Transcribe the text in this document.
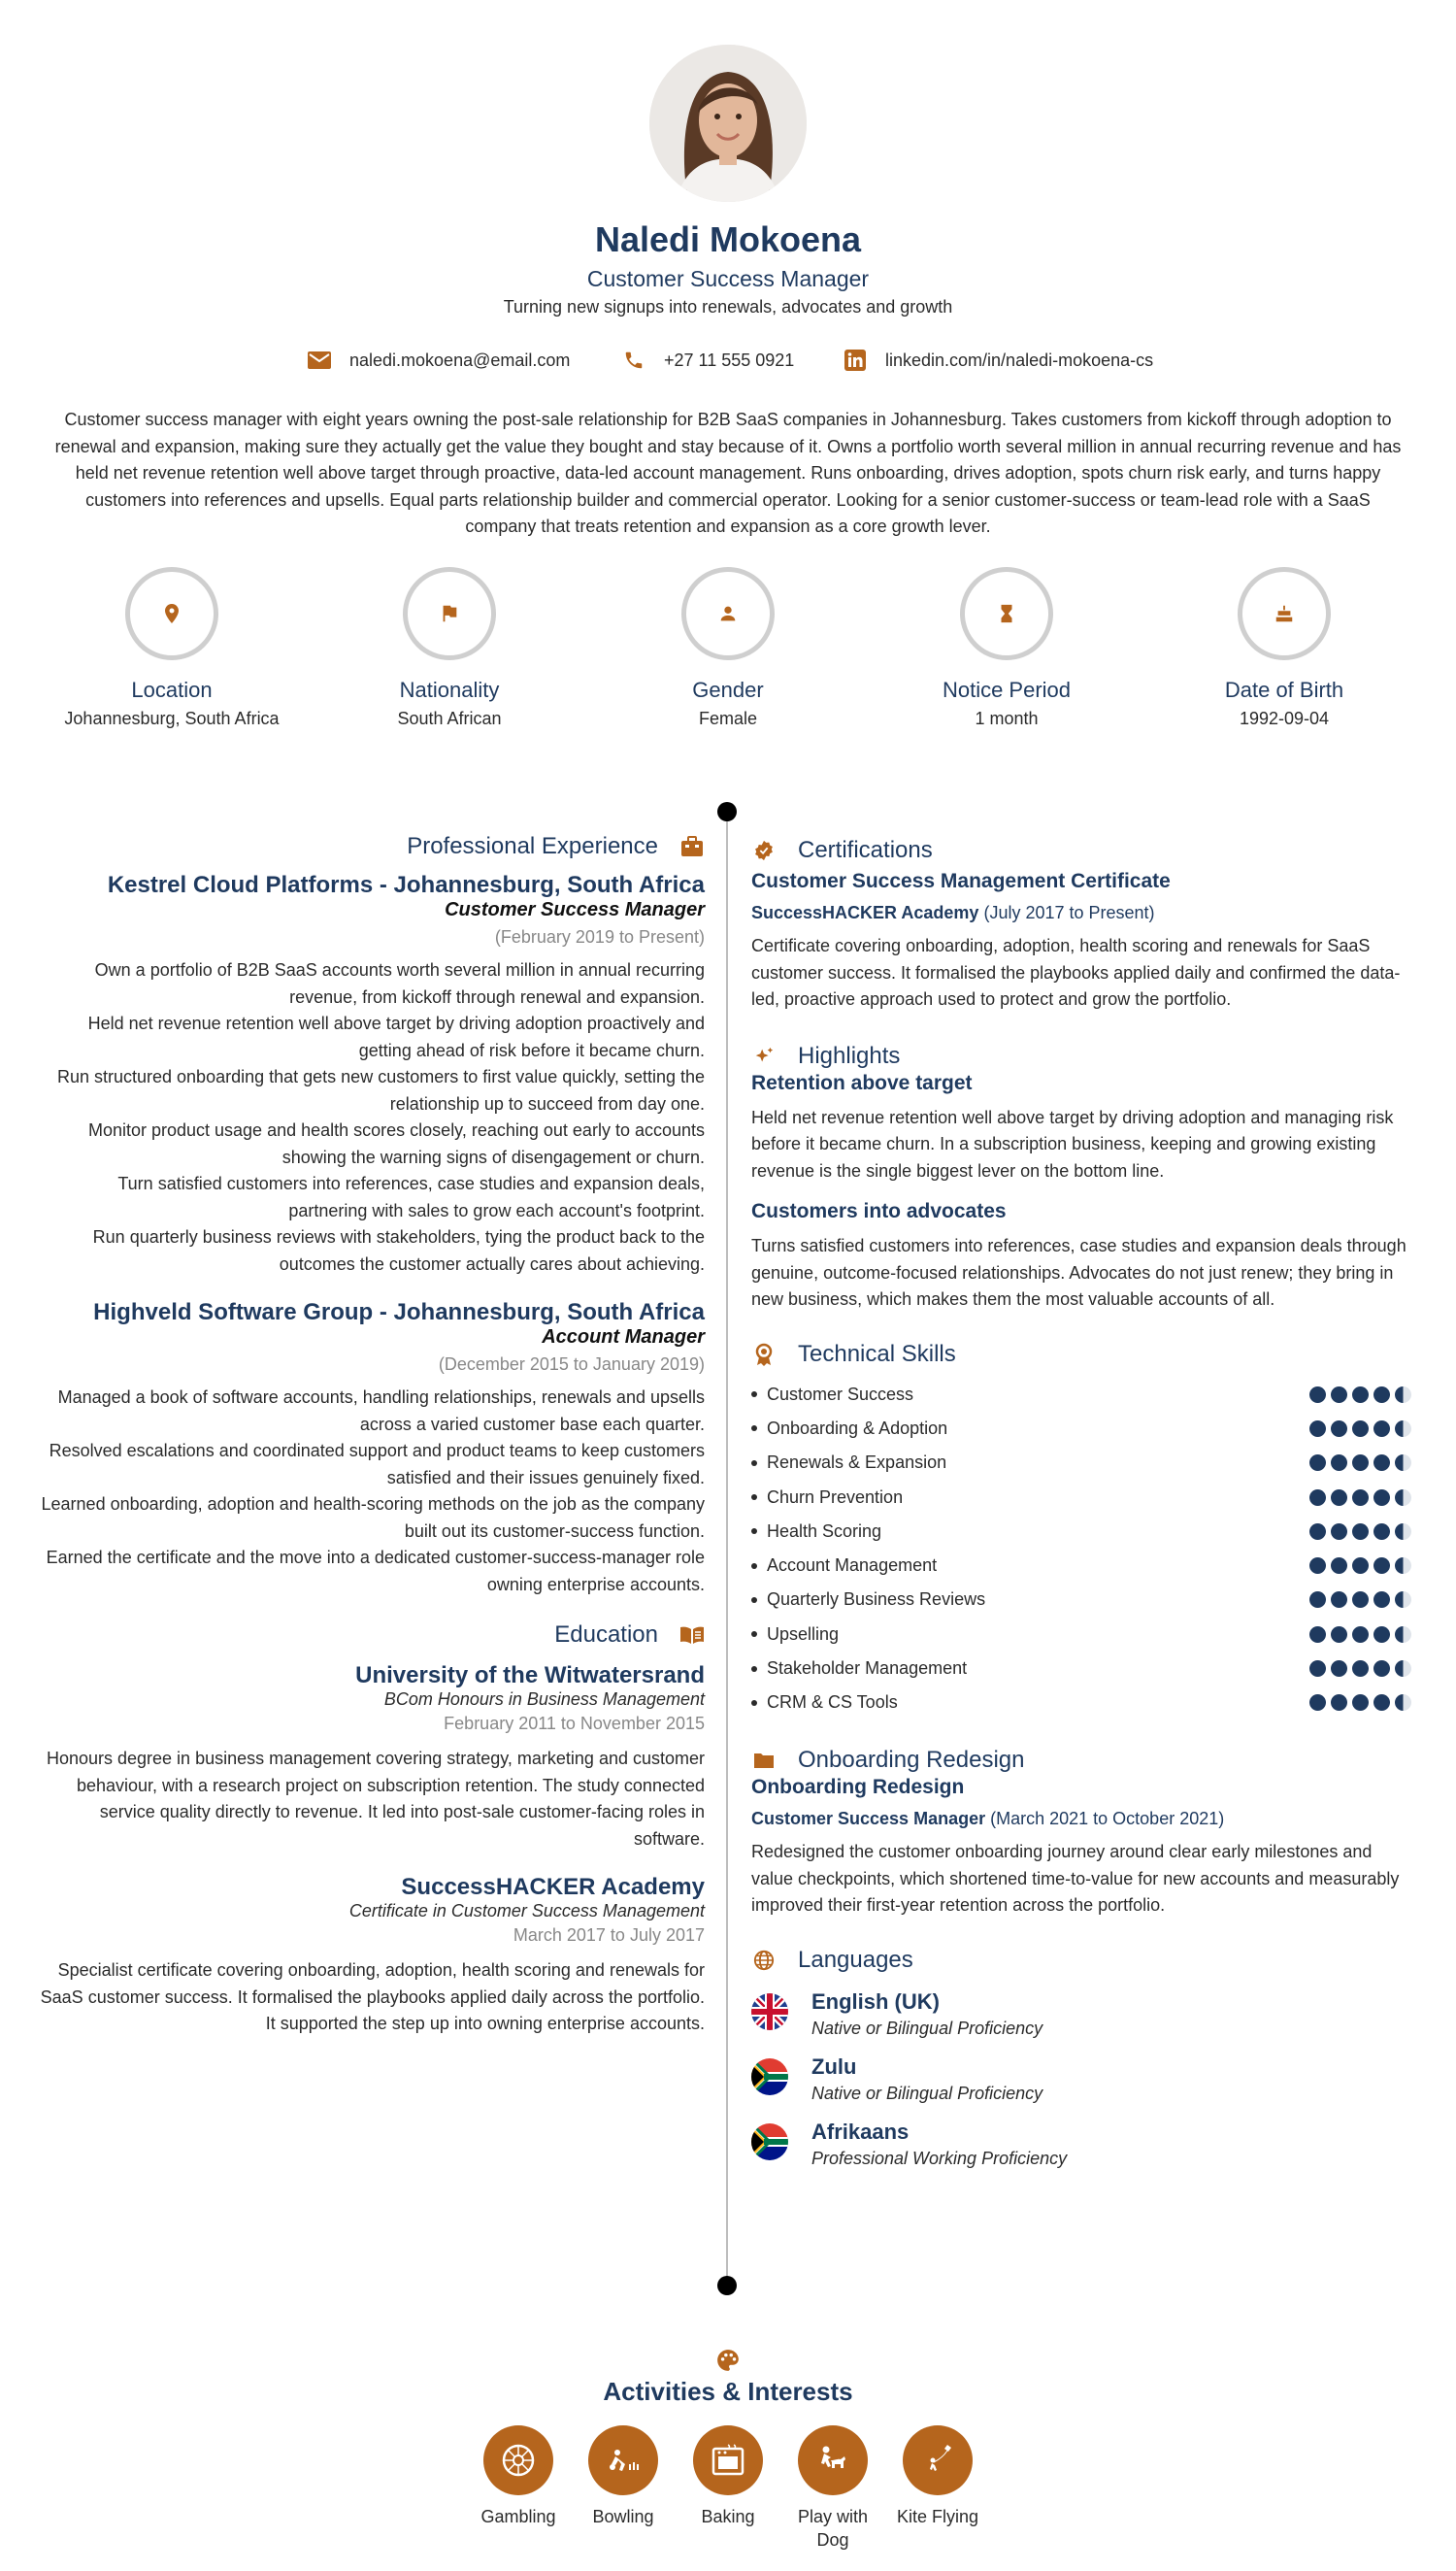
Naledi Mokoena
Customer Success Manager
Turning new signups into renewals, advocates and growth
naledi.mokoena@email.com	+27 11 555 0921	linkedin.com/in/naledi-mokoena-cs
Customer success manager with eight years owning the post-sale relationship for B2B SaaS companies in Johannesburg. Takes customers from kickoff through adoption to renewal and expansion, making sure they actually get the value they bought and stay because of it. Owns a portfolio worth several million in annual recurring revenue and has held net revenue retention well above target through proactive, data-led account management. Runs onboarding, drives adoption, spots churn risk early, and turns happy customers into references and upsells. Equal parts relationship builder and commercial operator. Looking for a senior customer-success or team-lead role with a SaaS company that treats retention and expansion as a core growth lever.
Location
Johannesburg, South Africa
Nationality
South African
Gender
Female
Notice Period
1 month
Date of Birth
1992-09-04
Professional Experience
Kestrel Cloud Platforms - Johannesburg, South Africa
Customer Success Manager
(February 2019 to Present)
Own a portfolio of B2B SaaS accounts worth several million in annual recurring revenue, from kickoff through renewal and expansion.
Held net revenue retention well above target by driving adoption proactively and getting ahead of risk before it became churn.
Run structured onboarding that gets new customers to first value quickly, setting the relationship up to succeed from day one.
Monitor product usage and health scores closely, reaching out early to accounts showing the warning signs of disengagement or churn.
Turn satisfied customers into references, case studies and expansion deals, partnering with sales to grow each account's footprint.
Run quarterly business reviews with stakeholders, tying the product back to the outcomes the customer actually cares about achieving.
Highveld Software Group - Johannesburg, South Africa
Account Manager
(December 2015 to January 2019)
Managed a book of software accounts, handling relationships, renewals and upsells across a varied customer base each quarter.
Resolved escalations and coordinated support and product teams to keep customers satisfied and their issues genuinely fixed.
Learned onboarding, adoption and health-scoring methods on the job as the company built out its customer-success function.
Earned the certificate and the move into a dedicated customer-success-manager role owning enterprise accounts.
Education
University of the Witwatersrand
BCom Honours in Business Management
February 2011 to November 2015
Honours degree in business management covering strategy, marketing and customer behaviour, with a research project on subscription retention. The study connected service quality directly to revenue. It led into post-sale customer-facing roles in software.
SuccessHACKER Academy
Certificate in Customer Success Management
March 2017 to July 2017
Specialist certificate covering onboarding, adoption, health scoring and renewals for SaaS customer success. It formalised the playbooks applied daily across the portfolio. It supported the step up into owning enterprise accounts.
Certifications
Customer Success Management Certificate
SuccessHACKER Academy (July 2017 to Present)
Certificate covering onboarding, adoption, health scoring and renewals for SaaS customer success. It formalised the playbooks applied daily and confirmed the data-led, proactive approach used to protect and grow the portfolio.
Highlights
Retention above target
Held net revenue retention well above target by driving adoption and managing risk before it became churn. In a subscription business, keeping and growing existing revenue is the single biggest lever on the bottom line.
Customers into advocates
Turns satisfied customers into references, case studies and expansion deals through genuine, outcome-focused relationships. Advocates do not just renew; they bring in new business, which makes them the most valuable accounts of all.
Technical Skills
Customer Success
Onboarding & Adoption
Renewals & Expansion
Churn Prevention
Health Scoring
Account Management
Quarterly Business Reviews
Upselling
Stakeholder Management
CRM & CS Tools
Onboarding Redesign
Onboarding Redesign
Customer Success Manager (March 2021 to October 2021)
Redesigned the customer onboarding journey around clear early milestones and value checkpoints, which shortened time-to-value for new accounts and measurably improved their first-year retention across the portfolio.
Languages
English (UK)
Native or Bilingual Proficiency
Zulu
Native or Bilingual Proficiency
Afrikaans
Professional Working Proficiency
Activities & Interests
Gambling	Bowling	Baking	Play with Dog
Kite Flying
